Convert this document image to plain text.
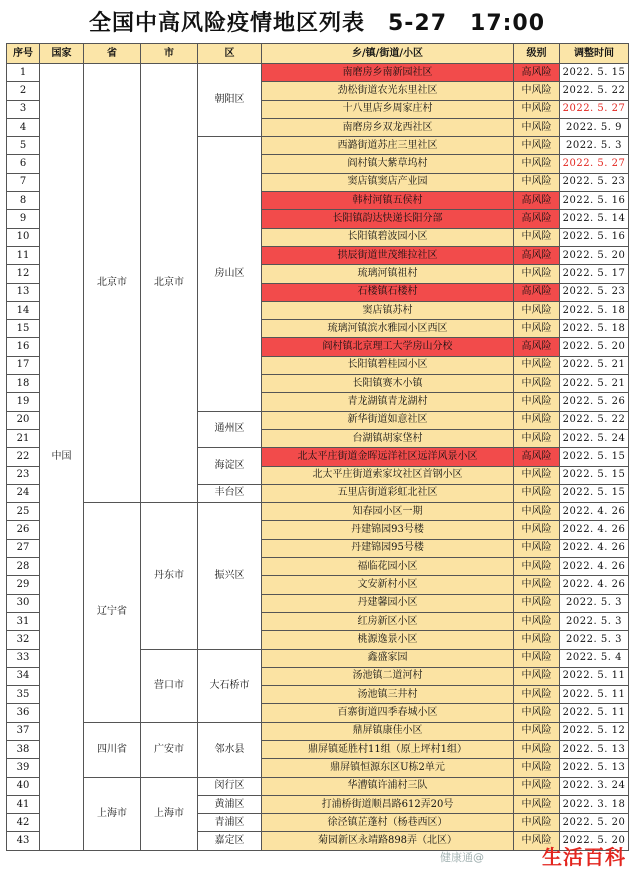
全国中高风险疫情地区列表　5-27　17:00
序号	国家	省	市	区	乡/镇/街道/小区	级别	调整时间
1	中国	北京市	北京市	朝阳区	南磨房乡南新园社区	高风险	2022. 5. 15
2					劲松街道农光东里社区	中风险	2022. 5. 22
3					十八里店乡周家庄村	中风险	2022. 5. 27
4					南磨房乡双龙西社区	中风险	2022. 5. 9
5				房山区	西潞街道苏庄三里社区	中风险	2022. 5. 3
6					阎村镇大紫草坞村	中风险	2022. 5. 27
7					窦店镇窦店产业园	中风险	2022. 5. 23
8					韩村河镇五侯村	高风险	2022. 5. 16
9					长阳镇韵达快递长阳分部	高风险	2022. 5. 14
10					长阳镇碧波园小区	中风险	2022. 5. 16
11					拱辰街道世茂维拉社区	高风险	2022. 5. 20
12					琉璃河镇祖村	中风险	2022. 5. 17
13					石楼镇石楼村	高风险	2022. 5. 23
14					窦店镇苏村	中风险	2022. 5. 18
15					琉璃河镇滨水雅园小区西区	中风险	2022. 5. 18
16					阎村镇北京理工大学房山分校	高风险	2022. 5. 20
17					长阳镇碧桂园小区	中风险	2022. 5. 21
18					长阳镇赛木小镇	中风险	2022. 5. 21
19					青龙湖镇青龙湖村	中风险	2022. 5. 26
20				通州区	新华街道如意社区	中风险	2022. 5. 22
21					台湖镇胡家垡村	中风险	2022. 5. 24
22				海淀区	北太平庄街道金晖远洋社区远洋风景小区	高风险	2022. 5. 15
23					北太平庄街道索家坟社区首钢小区	中风险	2022. 5. 15
24				丰台区	五里店街道彩虹北社区	中风险	2022. 5. 15
25		辽宁省	丹东市	振兴区	知春园小区一期	中风险	2022. 4. 26
26					丹建锦园93号楼	中风险	2022. 4. 26
27					丹建锦园95号楼	中风险	2022. 4. 26
28					福临花园小区	中风险	2022. 4. 26
29					文安新村小区	中风险	2022. 4. 26
30					丹建馨园小区	中风险	2022. 5. 3
31					红房新区小区	中风险	2022. 5. 3
32					桃源逸景小区	中风险	2022. 5. 3
33			营口市	大石桥市	鑫盛家园	中风险	2022. 5. 4
34					汤池镇二道河村	中风险	2022. 5. 11
35					汤池镇三井村	中风险	2022. 5. 11
36					百寨街道四季春城小区	中风险	2022. 5. 11
37		四川省	广安市	邻水县	鼎屏镇康佳小区	中风险	2022. 5. 12
38					鼎屏镇延胜村11组（原上坪村1组）	中风险	2022. 5. 13
39					鼎屏镇恒源东区U栋2单元	中风险	2022. 5. 13
40		上海市	上海市	闵行区	华漕镇许浦村三队	中风险	2022. 3. 24
41				黄浦区	打浦桥街道顺昌路612弄20号	中风险	2022. 3. 18
42				青浦区	徐泾镇芷蓬村（杨巷西区）	中风险	2022. 5. 20
43				嘉定区	菊园新区永靖路898弄（北区）	中风险	2022. 5. 20
健康通@	生活百科
